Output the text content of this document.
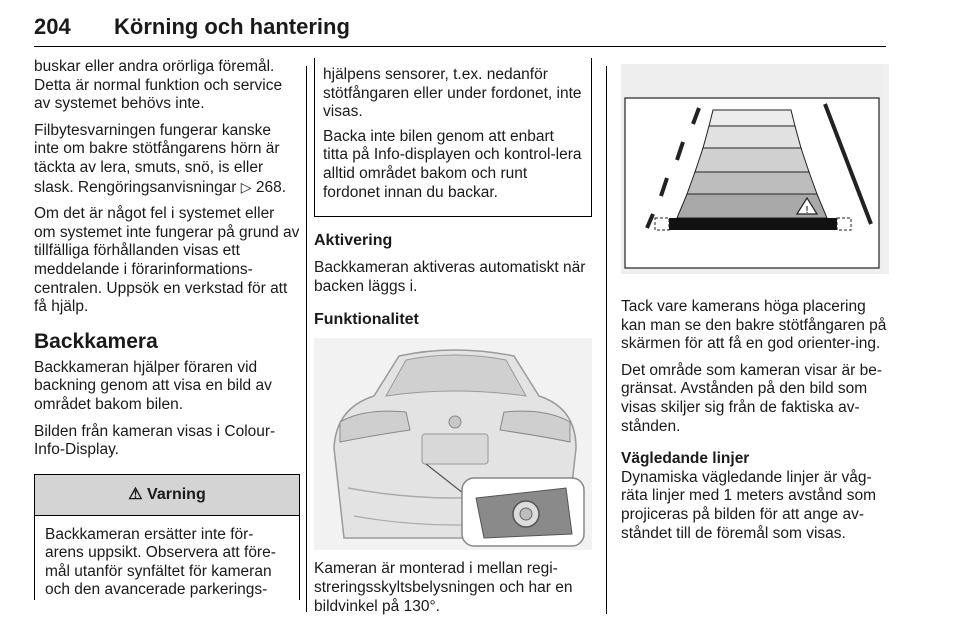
204 Körning och hantering

buskar eller andra orörliga föremål. Detta är normal funktion och service av systemet behövs inte.

Filbytesvarningen fungerar kanske inte om bakre stötfångarens hörn är täckta av lera, smuts, snö, is eller slask. Rengöringsanvisningar ▷ 268.

Om det är något fel i systemet eller om systemet inte fungerar på grund av tillfälliga förhållanden visas ett meddelande i förarinformations-centralen. Uppsök en verkstad för att få hjälp.

Backkamera

Backkameran hjälper föraren vid backning genom att visa en bild av området bakom bilen.

Bilden från kameran visas i Colour-Info-Display.

⚠ Varning
Backkameran ersätter inte för-arens uppsikt. Observera att före-mål utanför synfältet för kameran och den avancerade parkerings-

hjälpens sensorer, t.ex. nedanför stötfångaren eller under fordonet, inte visas.

Backa inte bilen genom att enbart titta på Info-displayen och kontrol-lera alltid området bakom och runt fordonet innan du backar.

Aktivering

Backkameran aktiveras automatiskt när backen läggs i.

Funktionalitet

Kameran är monterad i mellan regi-streringsskyltsbelysningen och har en bildvinkel på 130°.

!

Tack vare kamerans höga placering kan man se den bakre stötfångaren på skärmen för att få en god orienter-ing.

Det område som kameran visar är be-gränsat. Avstånden på den bild som visas skiljer sig från de faktiska av-stånden.

Vägledande linjer

Dynamiska vägledande linjer är våg-räta linjer med 1 meters avstånd som projiceras på bilden för att ange av-ståndet till de föremål som visas.
